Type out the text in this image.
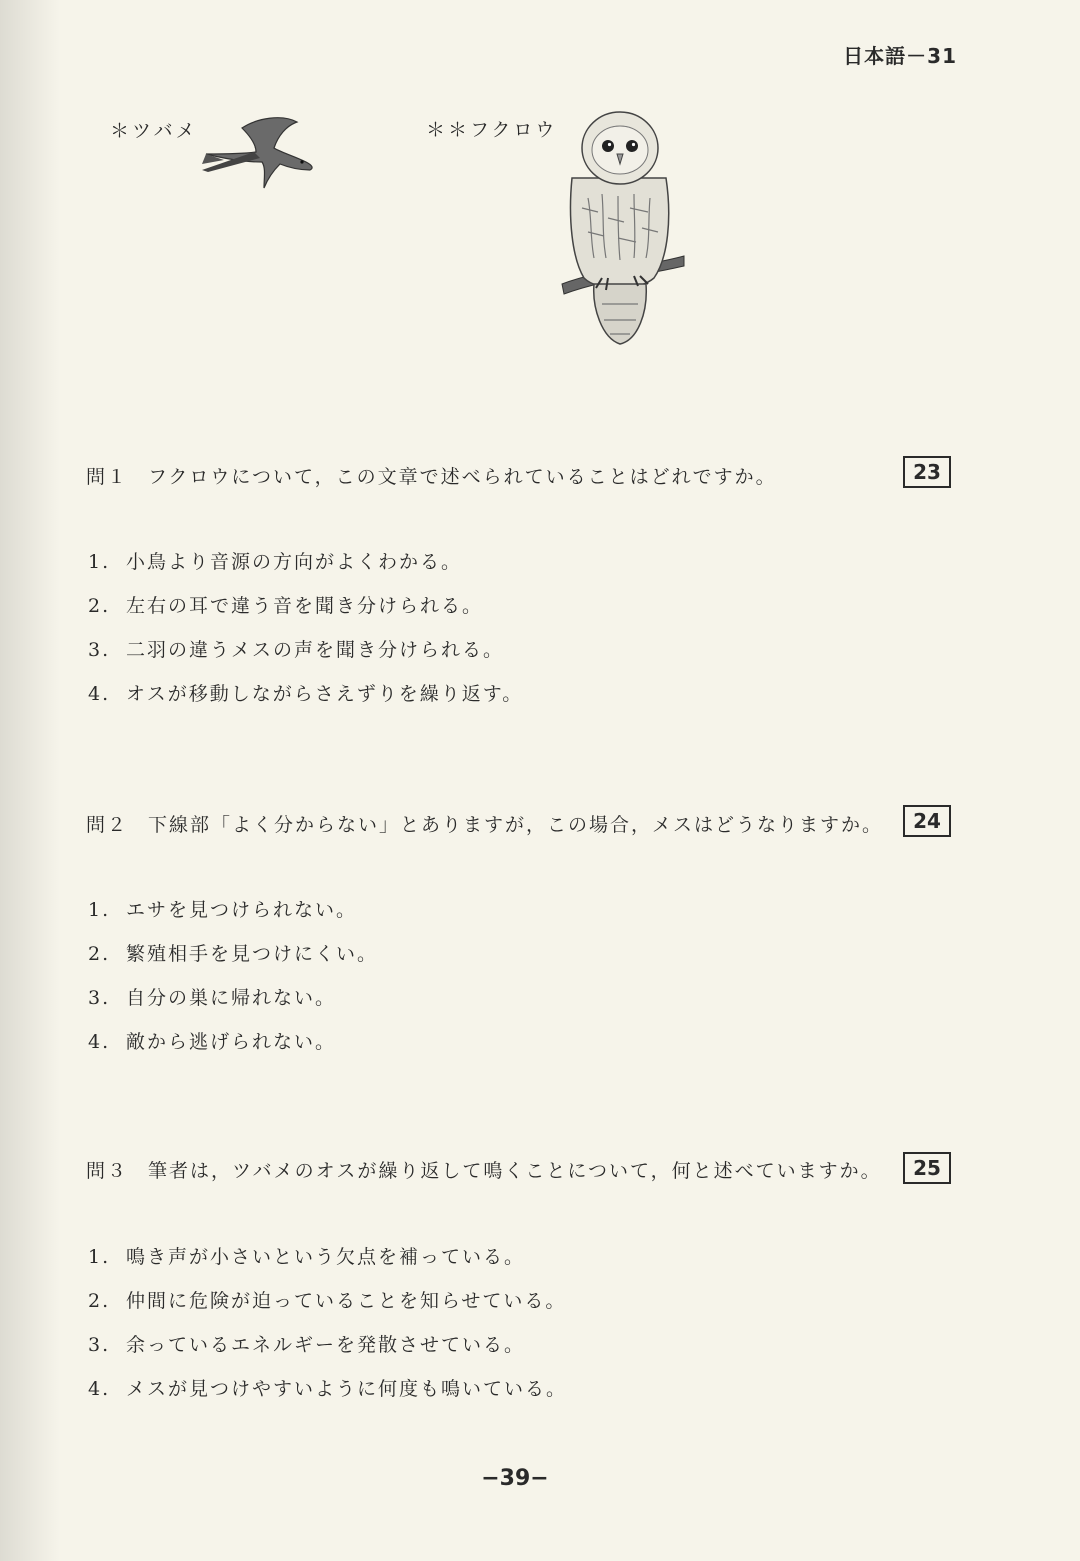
日本語－31
＊ツバメ	＊＊フクロウ
問１ フクロウについて，この文章で述べられていることはどれですか。	23
1. 小鳥より音源の方向がよくわかる。
2. 左右の耳で違う音を聞き分けられる。
3. 二羽の違うメスの声を聞き分けられる。
4. オスが移動しながらさえずりを繰り返す。
問２ 下線部「よく分からない」とありますが，この場合，メスはどうなりますか。	24
1. エサを見つけられない。
2. 繁殖相手を見つけにくい。
3. 自分の巣に帰れない。
4. 敵から逃げられない。
問３ 筆者は，ツバメのオスが繰り返して鳴くことについて，何と述べていますか。	25
1. 鳴き声が小さいという欠点を補っている。
2. 仲間に危険が迫っていることを知らせている。
3. 余っているエネルギーを発散させている。
4. メスが見つけやすいように何度も鳴いている。
−39−
